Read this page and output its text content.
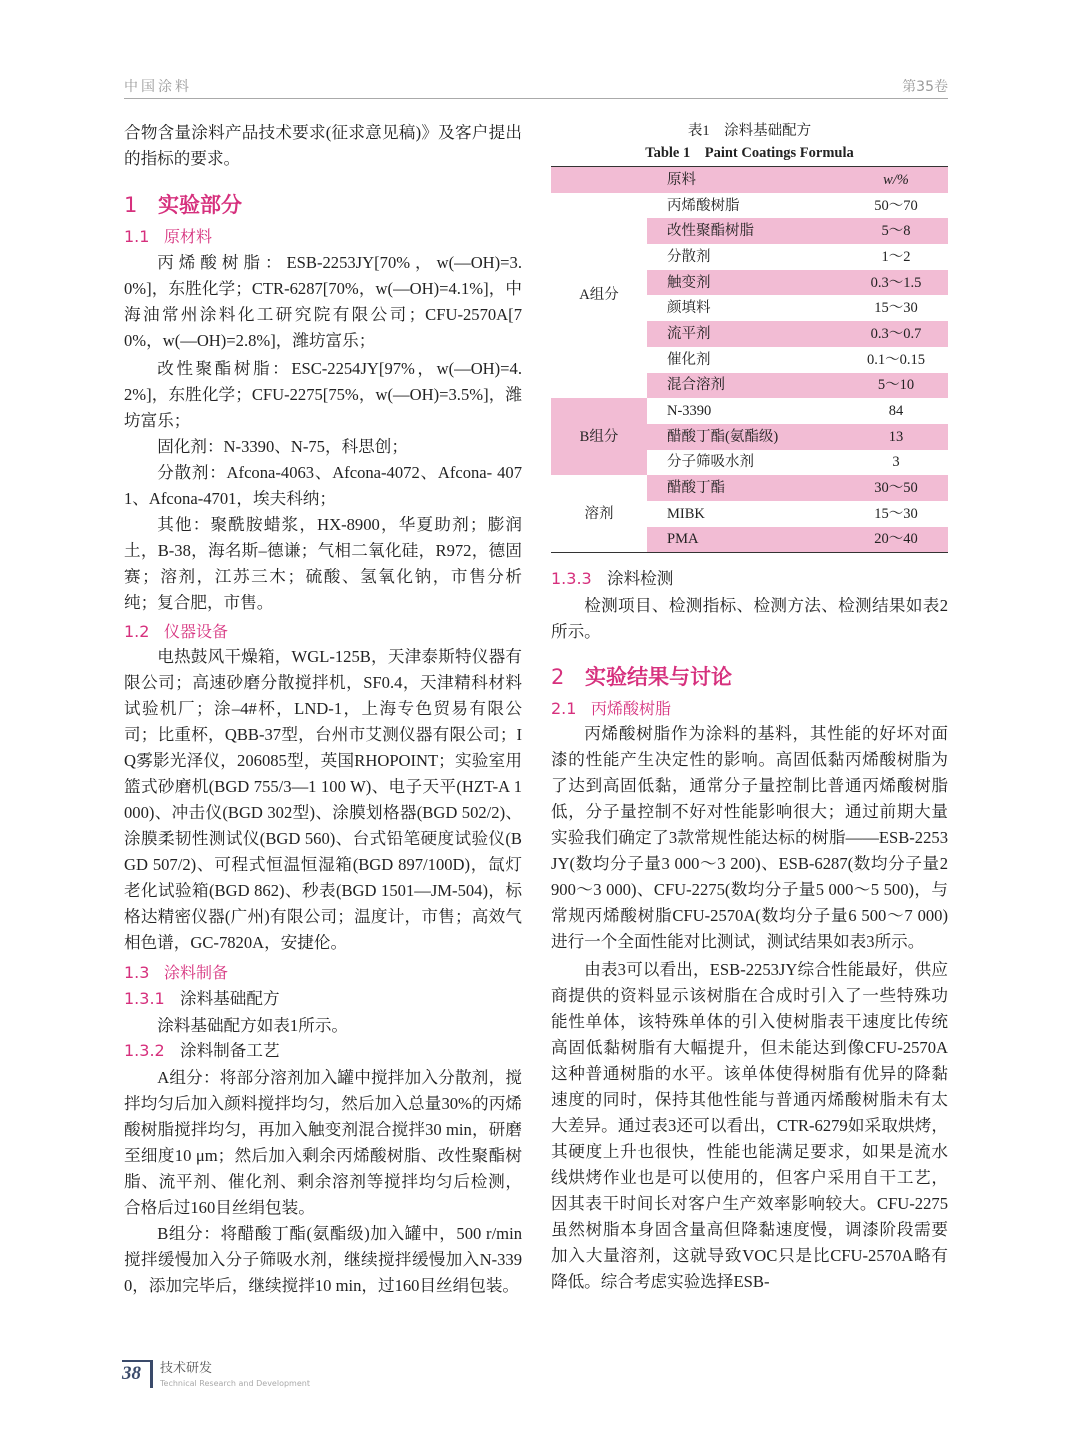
中国涂料	第35卷

合物含量涂料产品技术要求(征求意见稿)》及客户提出的指标的要求。

1 实验部分
1.1 原材料

丙烯酸树脂：ESB-2253JY[70%，w(—OH)=3.0%]，东胜化学；CTR-6287[70%，w(—OH)=4.1%]，中海油常州涂料化工研究院有限公司；CFU-2570A[70%，w(—OH)=2.8%]，潍坊富乐；

改性聚酯树脂：ESC-2254JY[97%，w(—OH)=4.2%]，东胜化学；CFU-2275[75%，w(—OH)=3.5%]，潍坊富乐；

固化剂：N-3390、N-75，科思创；

分散剂：Afcona-4063、Afcona-4072、Afcona- 4071、Afcona-4701，埃夫科纳；

其他：聚酰胺蜡浆，HX-8900，华夏助剂；膨润土，B-38，海名斯–德谦；气相二氧化硅，R972，德固赛；溶剂，江苏三木；硫酸、氢氧化钠，市售分析纯；复合肥，市售。

1.2 仪器设备

电热鼓风干燥箱，WGL-125B，天津泰斯特仪器有限公司；高速砂磨分散搅拌机，SF0.4，天津精科材料试验机厂；涂–4#杯，LND-1，上海专色贸易有限公司；比重杯，QBB-37型，台州市艾测仪器有限公司；IQ雾影光泽仪，206085型，英国RHOPOINT；实验室用篮式砂磨机(BGD 755/3—1 100 W)、电子天平(HZT-A 1000)、冲击仪(BGD 302型)、涂膜划格器(BGD 502/2)、涂膜柔韧性测试仪(BGD 560)、台式铅笔硬度试验仪(BGD 507/2)、可程式恒温恒湿箱(BGD 897/100D)，氙灯老化试验箱(BGD 862)、秒表(BGD 1501—JM-504)，标格达精密仪器(广州)有限公司；温度计，市售；高效气相色谱，GC-7820A，安捷伦。

1.3 涂料制备
1.3.1 涂料基础配方

涂料基础配方如表1所示。

1.3.2 涂料制备工艺

A组分：将部分溶剂加入罐中搅拌加入分散剂，搅拌均匀后加入颜料搅拌均匀，然后加入总量30%的丙烯酸树脂搅拌均匀，再加入触变剂混合搅拌30 min，研磨至细度10 μm；然后加入剩余丙烯酸树脂、改性聚酯树脂、流平剂、催化剂、剩余溶剂等搅拌均匀后检测，合格后过160目丝绢包装。

B组分：将醋酸丁酯(氨酯级)加入罐中，500 r/min搅拌缓慢加入分子筛吸水剂，继续搅拌缓慢加入N-3390，添加完毕后，继续搅拌10 min，过160目丝绢包装。

表1　涂料基础配方
Table 1　Paint Coatings Formula
	原料	w/%
A组分	丙烯酸树脂	50～70
	改性聚酯树脂	5～8
	分散剂	1～2
	触变剂	0.3～1.5
	颜填料	15～30
	流平剂	0.3～0.7
	催化剂	0.1～0.15
	混合溶剂	5～10
B组分	N-3390	84
	醋酸丁酯(氨酯级)	13
	分子筛吸水剂	3
溶剂	醋酸丁酯	30～50
	MIBK	15～30
	PMA	20～40
1.3.3 涂料检测

检测项目、检测指标、检测方法、检测结果如表2所示。

2 实验结果与讨论
2.1 丙烯酸树脂

丙烯酸树脂作为涂料的基料，其性能的好坏对面漆的性能产生决定性的影响。高固低黏丙烯酸树脂为了达到高固低黏，通常分子量控制比普通丙烯酸树脂低，分子量控制不好对性能影响很大；通过前期大量实验我们确定了3款常规性能达标的树脂——ESB-2253JY(数均分子量3 000～3 200)、ESB-6287(数均分子量2 900～3 000)、CFU-2275(数均分子量5 000～5 500)，与常规丙烯酸树脂CFU-2570A(数均分子量6 500～7 000)进行一个全面性能对比测试，测试结果如表3所示。

由表3可以看出，ESB-2253JY综合性能最好，供应商提供的资料显示该树脂在合成时引入了一些特殊功能性单体，该特殊单体的引入使树脂表干速度比传统高固低黏树脂有大幅提升，但未能达到像CFU-2570A这种普通树脂的水平。该单体使得树脂有优异的降黏速度的同时，保持其他性能与普通丙烯酸树脂未有太大差异。通过表3还可以看出，CTR-6279如采取烘烤，其硬度上升也很快，性能也能满足要求，如果是流水线烘烤作业也是可以使用的，但客户采用自干工艺，因其表干时间长对客户生产效率影响较大。CFU-2275虽然树脂本身固含量高但降黏速度慢，调漆阶段需要加入大量溶剂，这就导致VOC只是比CFU-2570A略有降低。综合考虑实验选择ESB-

38 技术研发
Technical Research and Development
